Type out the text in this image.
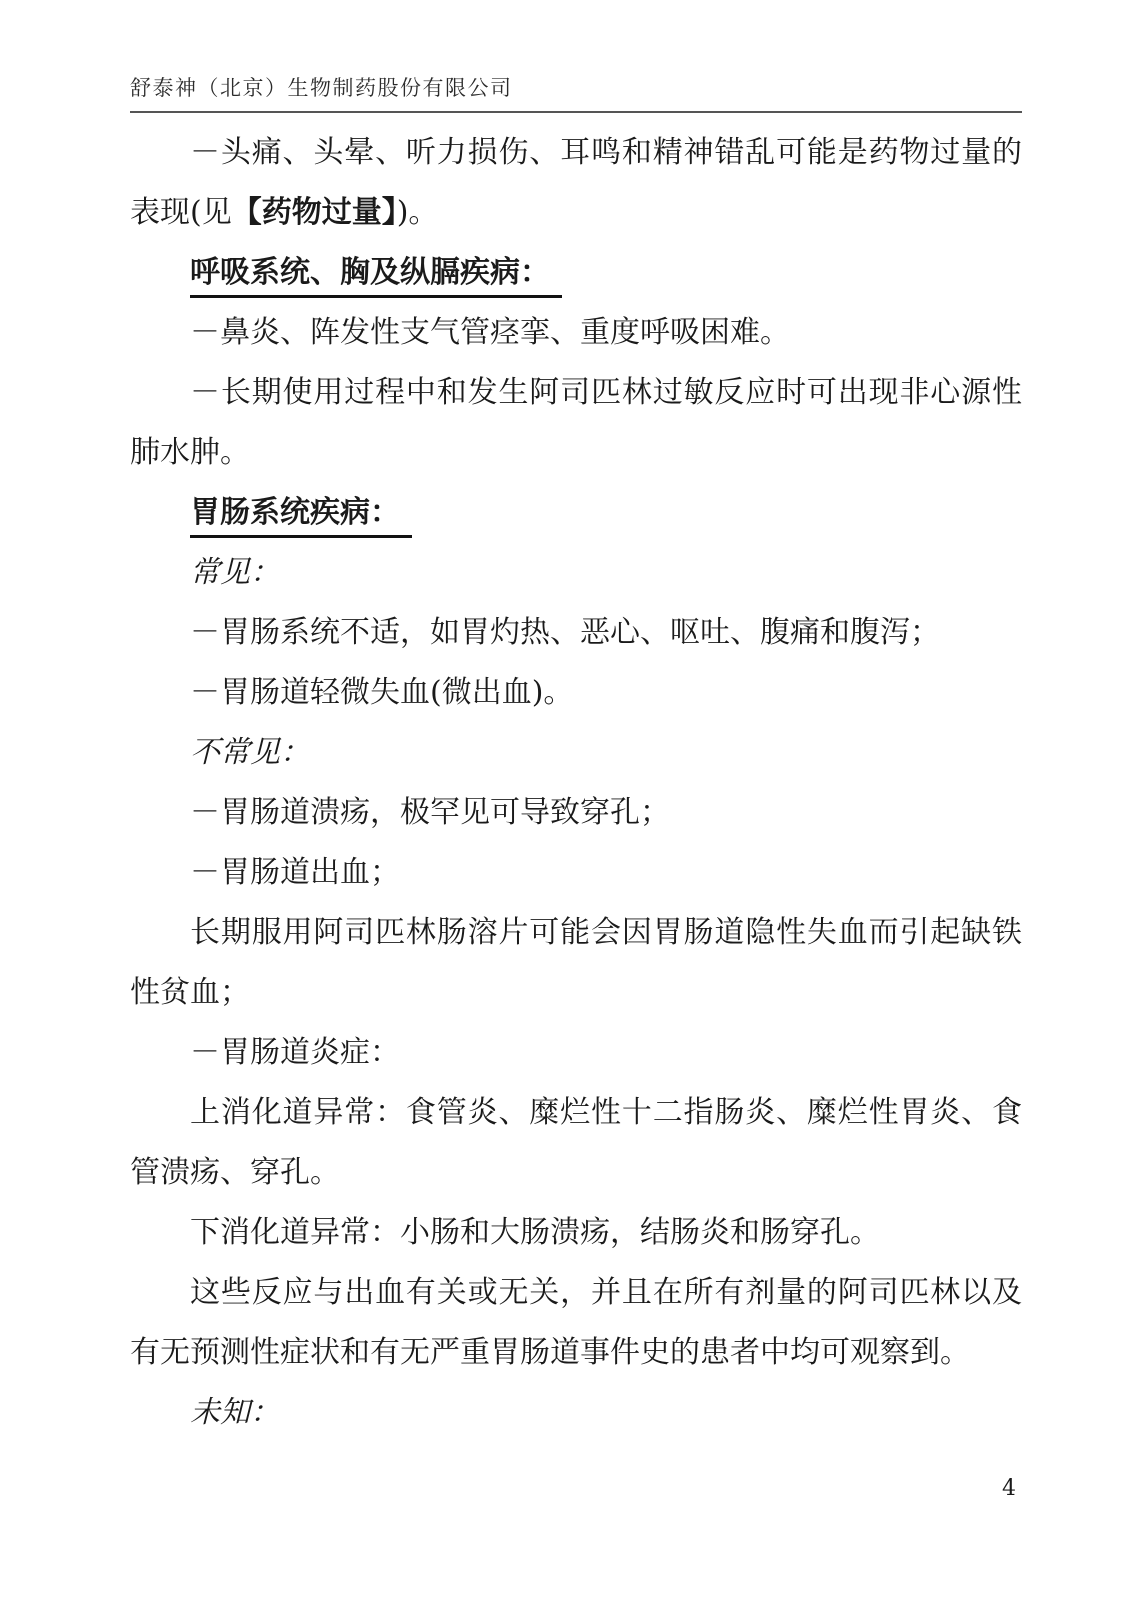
舒泰神（北京）生物制药股份有限公司

－头痛、头晕、听力损伤、耳鸣和精神错乱可能是药物过量的表现(见【药物过量】)。

呼吸系统、胸及纵膈疾病：

－鼻炎、阵发性支气管痉挛、重度呼吸困难。

－长期使用过程中和发生阿司匹林过敏反应时可出现非心源性肺水肿。

胃肠系统疾病：

常见：

－胃肠系统不适，如胃灼热、恶心、呕吐、腹痛和腹泻；

－胃肠道轻微失血(微出血)。

不常见：

－胃肠道溃疡，极罕见可导致穿孔；

－胃肠道出血；

长期服用阿司匹林肠溶片可能会因胃肠道隐性失血而引起缺铁性贫血；

－胃肠道炎症：

上消化道异常：食管炎、糜烂性十二指肠炎、糜烂性胃炎、食管溃疡、穿孔。

下消化道异常：小肠和大肠溃疡，结肠炎和肠穿孔。

这些反应与出血有关或无关，并且在所有剂量的阿司匹林以及有无预测性症状和有无严重胃肠道事件史的患者中均可观察到。

未知：

4
